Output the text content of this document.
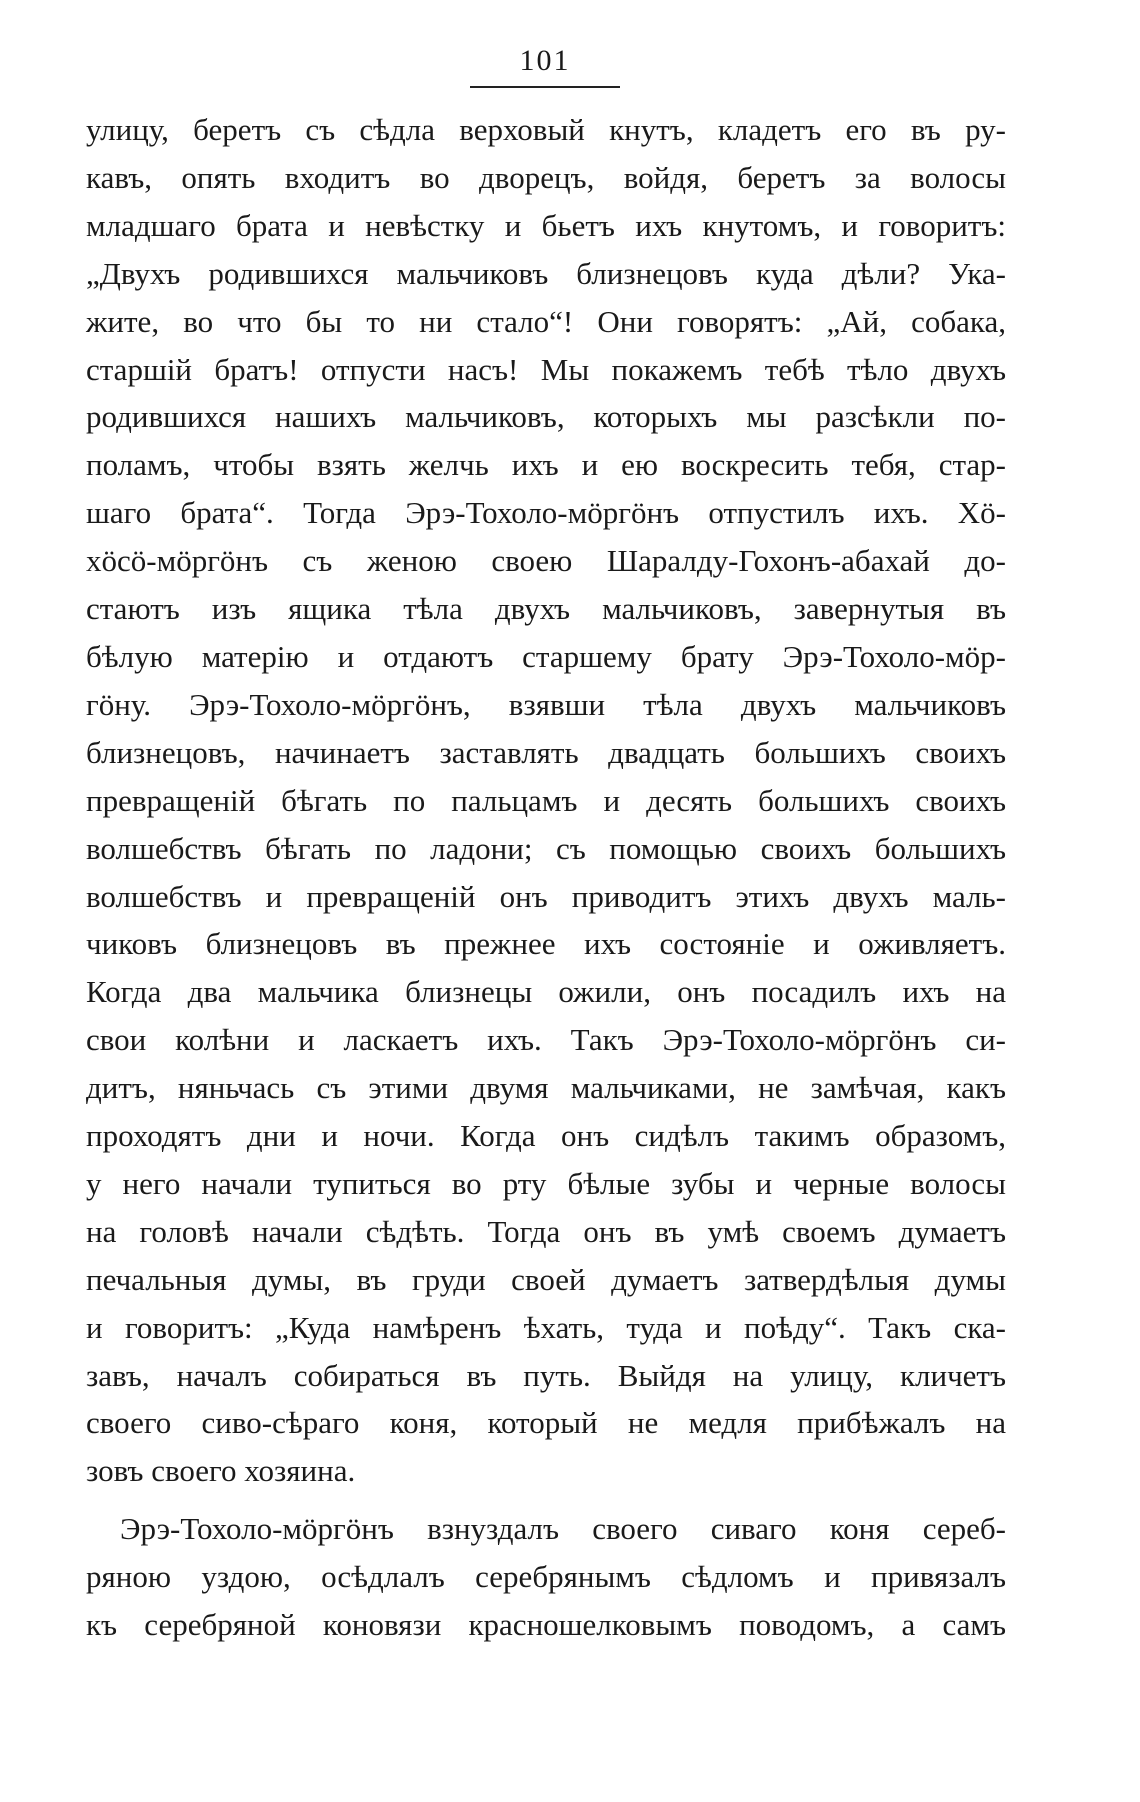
101
улицу, беретъ съ сѣдла верховый кнутъ, кладетъ его въ ру-
кавъ, опять входитъ во дворецъ, войдя, беретъ за волосы
младшаго брата и невѣстку и бьетъ ихъ кнутомъ, и говоритъ:
„Двухъ родившихся мальчиковъ близнецовъ куда дѣли? Ука-
жите, во что бы то ни стало“! Они говорятъ: „Ай, собака,
старшій братъ! отпусти насъ! Мы покажемъ тебѣ тѣло двухъ
родившихся нашихъ мальчиковъ, которыхъ мы разсѣкли по-
поламъ, чтобы взять желчь ихъ и ею воскресить тебя, стар-
шаго брата“. Тогда Эрэ-Тохоло-мӧргӧнъ отпустилъ ихъ. Хӧ-
хӧсӧ-мӧргӧнъ съ женою своею Шаралду-Гохонъ-абахай до-
стаютъ изъ ящика тѣла двухъ мальчиковъ, завернутыя въ
бѣлую матерію и отдаютъ старшему брату Эрэ-Тохоло-мӧр-
гӧну. Эрэ-Тохоло-мӧргӧнъ, взявши тѣла двухъ мальчиковъ
близнецовъ, начинаетъ заставлять двадцать большихъ своихъ
превращеній бѣгать по пальцамъ и десять большихъ своихъ
волшебствъ бѣгать по ладони; съ помощью своихъ большихъ
волшебствъ и превращеній онъ приводитъ этихъ двухъ маль-
чиковъ близнецовъ въ прежнее ихъ состояніе и оживляетъ.
Когда два мальчика близнецы ожили, онъ посадилъ ихъ на
свои колѣни и ласкаетъ ихъ. Такъ Эрэ-Тохоло-мӧргӧнъ си-
дитъ, няньчась съ этими двумя мальчиками, не замѣчая, какъ
проходятъ дни и ночи. Когда онъ сидѣлъ такимъ образомъ,
у него начали тупиться во рту бѣлые зубы и черные волосы
на головѣ начали сѣдѣть. Тогда онъ въ умѣ своемъ думаетъ
печальныя думы, въ груди своей думаетъ затвердѣлыя думы
и говоритъ: „Куда намѣренъ ѣхать, туда и поѣду“. Такъ ска-
завъ, началъ собираться въ путь. Выйдя на улицу, кличетъ
своего сиво-сѣраго коня, который не медля прибѣжалъ на
зовъ своего хозяина.
Эрэ-Тохоло-мӧргӧнъ взнуздалъ своего сиваго коня сереб-
ряною уздою, осѣдлалъ серебрянымъ сѣдломъ и привязалъ
къ серебряной коновязи красношелковымъ поводомъ, а самъ
